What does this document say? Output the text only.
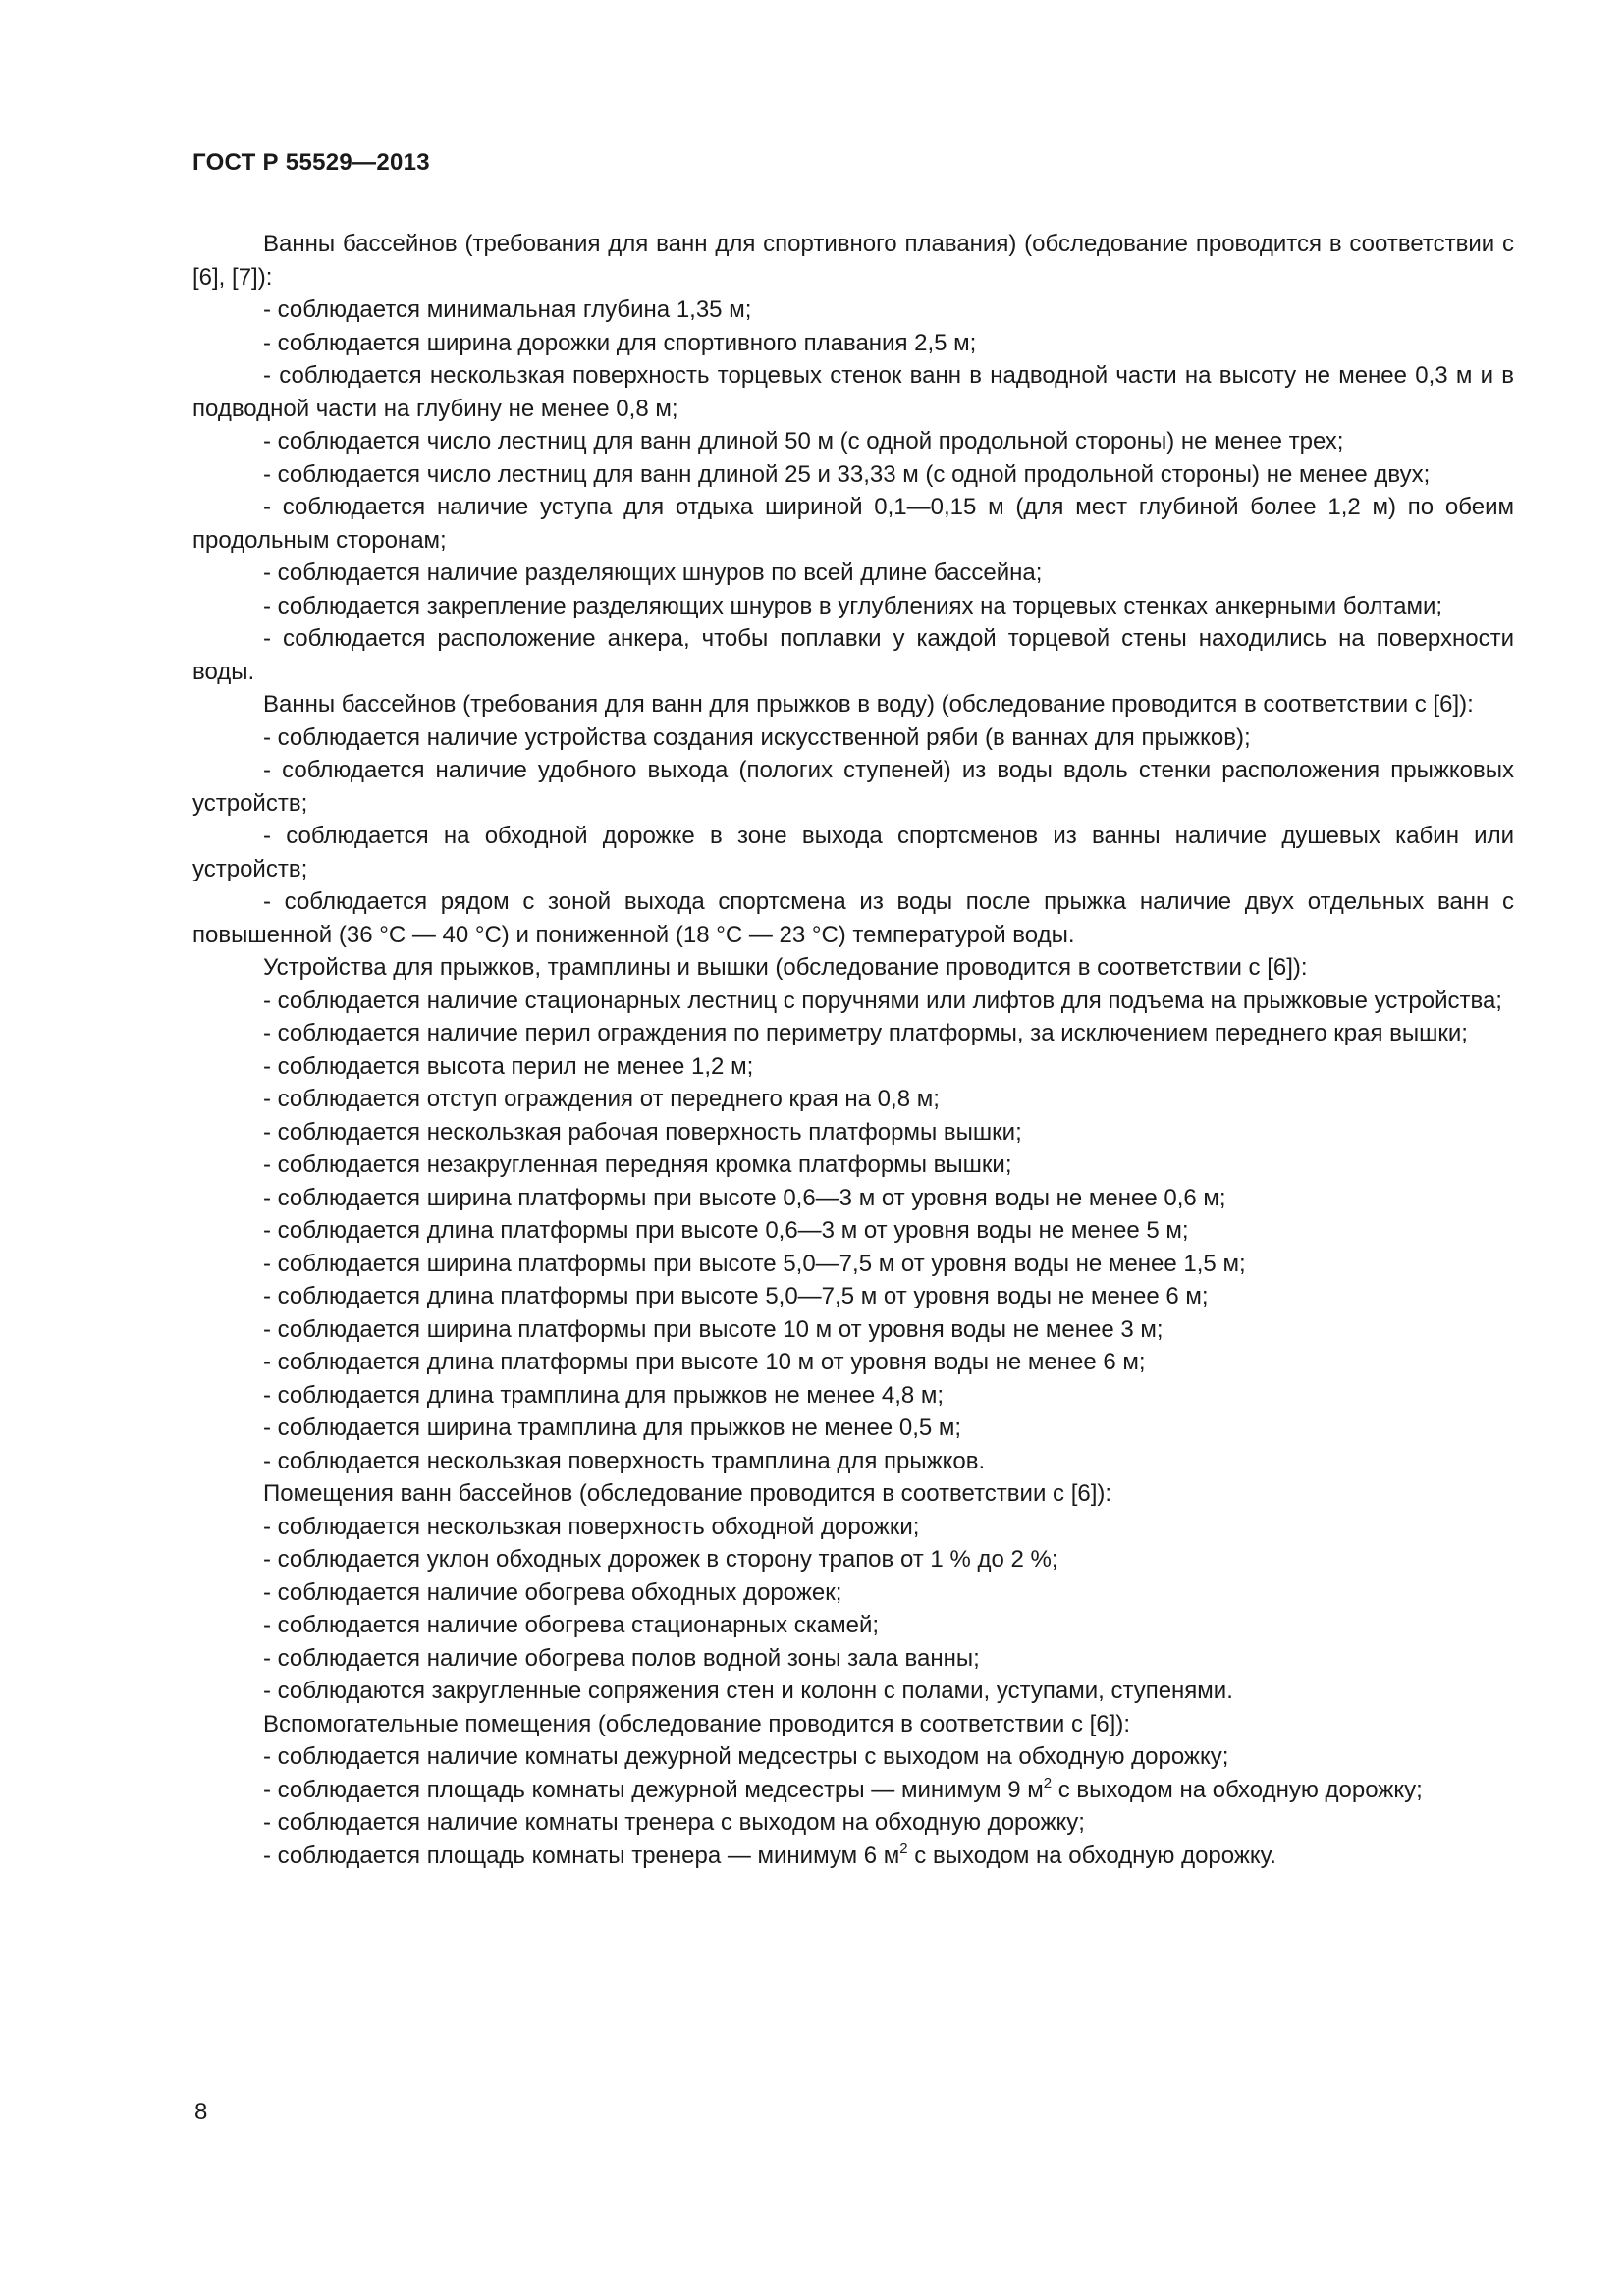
ГОСТ Р 55529—2013

Ванны бассейнов (требования для ванн для спортивного плавания) (обследование проводится в соответствии с [6], [7]):

- соблюдается минимальная глубина 1,35 м;

- соблюдается ширина дорожки для спортивного плавания 2,5 м;

- соблюдается нескользкая поверхность торцевых стенок ванн в надводной части на высоту не менее 0,3 м и в подводной части на глубину не менее 0,8 м;

- соблюдается число лестниц для ванн длиной 50 м (с одной продольной стороны) не менее трех;

- соблюдается число лестниц для ванн длиной 25 и 33,33 м (с одной продольной стороны) не менее двух;

- соблюдается наличие уступа для отдыха шириной 0,1—0,15 м (для мест глубиной более 1,2 м) по обеим продольным сторонам;

- соблюдается наличие разделяющих шнуров по всей длине бассейна;

- соблюдается закрепление разделяющих шнуров в углублениях на торцевых стенках анкерными болтами;

- соблюдается расположение анкера, чтобы поплавки у каждой торцевой стены находились на поверхности воды.

Ванны бассейнов (требования для ванн для прыжков в воду) (обследование проводится в соответствии с [6]):

- соблюдается наличие устройства создания искусственной ряби (в ваннах для прыжков);

- соблюдается наличие удобного выхода (пологих ступеней) из воды вдоль стенки расположения прыжковых устройств;

- соблюдается на обходной дорожке в зоне выхода спортсменов из ванны наличие душевых кабин или устройств;

- соблюдается рядом с зоной выхода спортсмена из воды после прыжка наличие двух отдельных ванн с повышенной (36 °С — 40 °С) и пониженной (18 °С — 23 °С) температурой воды.

Устройства для прыжков, трамплины и вышки (обследование проводится в соответствии с [6]):

- соблюдается наличие стационарных лестниц с поручнями или лифтов для подъема на прыжковые устройства;

- соблюдается наличие перил ограждения по периметру платформы, за исключением переднего края вышки;

- соблюдается высота перил не менее 1,2 м;

- соблюдается отступ ограждения от переднего края на 0,8 м;

- соблюдается нескользкая рабочая поверхность платформы вышки;

- соблюдается незакругленная передняя кромка платформы вышки;

- соблюдается ширина платформы при высоте 0,6—3 м от уровня воды не менее 0,6 м;

- соблюдается длина платформы при высоте 0,6—3 м от уровня воды не менее 5 м;

- соблюдается ширина платформы при высоте 5,0—7,5 м от уровня воды не менее 1,5 м;

- соблюдается длина платформы при высоте 5,0—7,5 м от уровня воды не менее 6 м;

- соблюдается ширина платформы при высоте 10 м от уровня воды не менее 3 м;

- соблюдается длина платформы при высоте 10 м от уровня воды не менее 6 м;

- соблюдается длина трамплина для прыжков не менее 4,8 м;

- соблюдается ширина трамплина для прыжков не менее 0,5 м;

- соблюдается нескользкая поверхность трамплина для прыжков.

Помещения ванн бассейнов (обследование проводится в соответствии с [6]):

- соблюдается нескользкая поверхность обходной дорожки;

- соблюдается уклон обходных дорожек в сторону трапов от 1 % до 2 %;

- соблюдается наличие обогрева обходных дорожек;

- соблюдается наличие обогрева стационарных скамей;

- соблюдается наличие обогрева полов водной зоны зала ванны;

- соблюдаются закругленные сопряжения стен и колонн с полами, уступами, ступенями.

Вспомогательные помещения (обследование проводится в соответствии с [6]):

- соблюдается наличие комнаты дежурной медсестры с выходом на обходную дорожку;

- соблюдается площадь комнаты дежурной медсестры — минимум 9 $м^2$ с выходом на обходную дорожку;

- соблюдается наличие комнаты тренера с выходом на обходную дорожку;

- соблюдается площадь комнаты тренера — минимум 6 $м^2$ с выходом на обходную дорожку.

8
